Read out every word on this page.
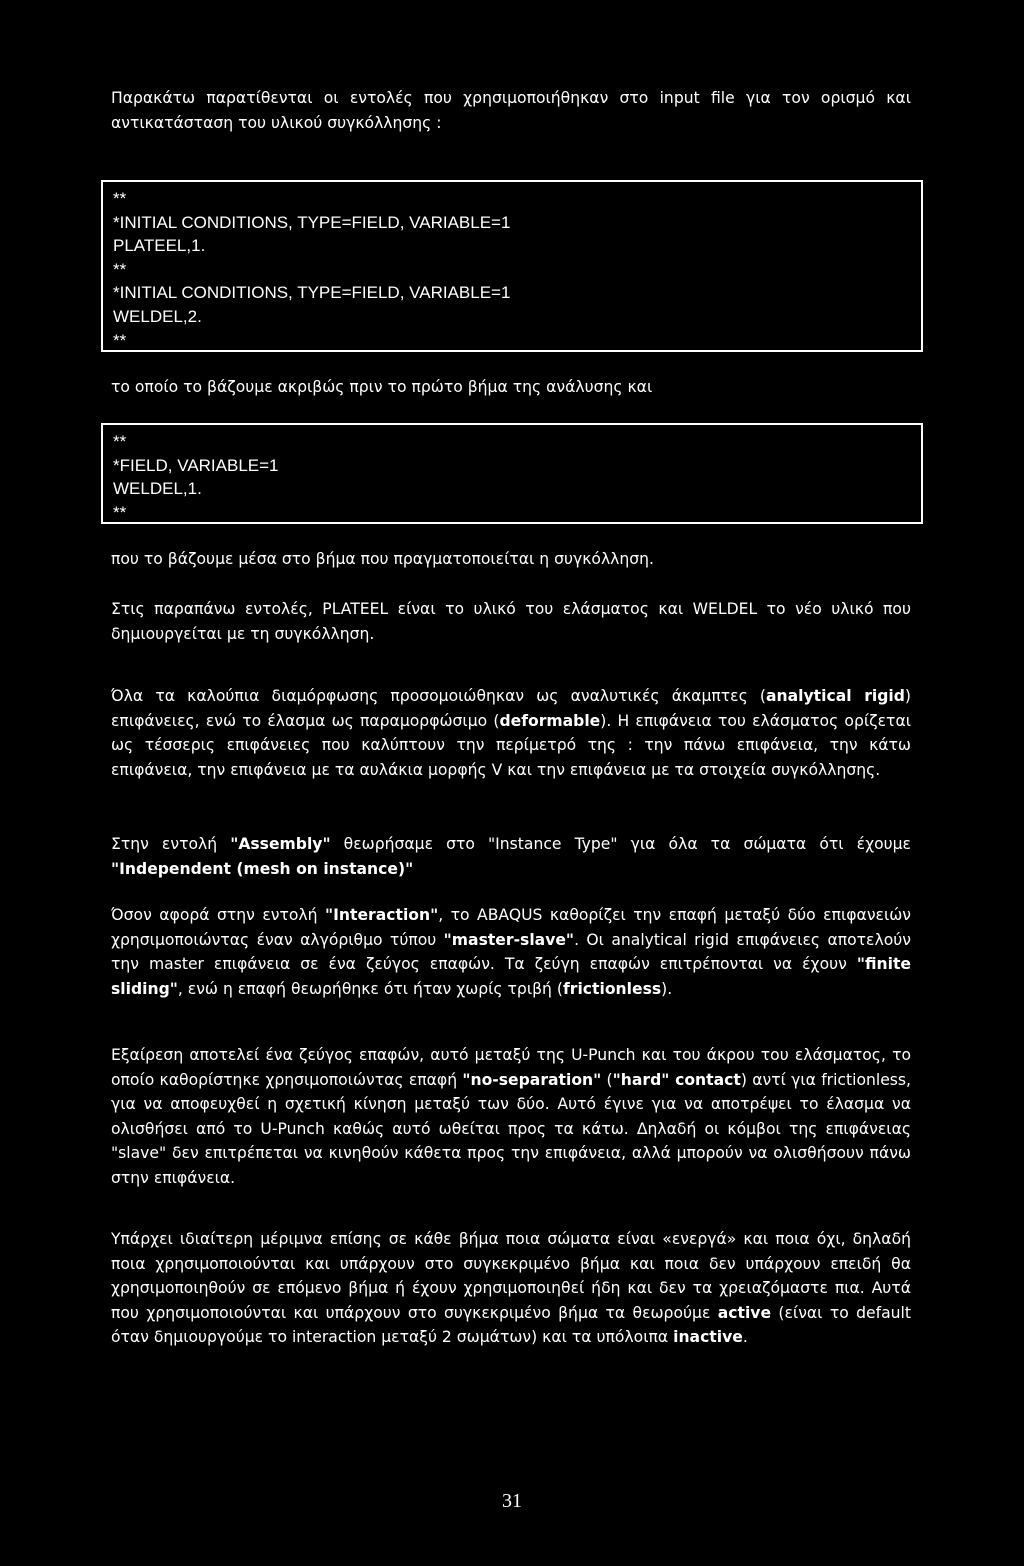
Παρακάτω παρατίθενται οι εντολές που χρησιμοποιήθηκαν στο input file για τον ορισμό και αντικατάσταση του υλικού συγκόλλησης :

**
*INITIAL CONDITIONS, TYPE=FIELD, VARIABLE=1
PLATEEL,1.
**
*INITIAL CONDITIONS, TYPE=FIELD, VARIABLE=1
WELDEL,2.
**

το οποίο το βάζουμε ακριβώς πριν το πρώτο βήμα της ανάλυσης και

**
*FIELD, VARIABLE=1
WELDEL,1.
**

που το βάζουμε μέσα στο βήμα που πραγματοποιείται η συγκόλληση.

Στις παραπάνω εντολές, PLATEEL είναι το υλικό του ελάσματος και WELDEL το νέο υλικό που δημιουργείται με τη συγκόλληση.

Όλα τα καλούπια διαμόρφωσης προσομοιώθηκαν ως αναλυτικές άκαμπτες (analytical rigid) επιφάνειες, ενώ το έλασμα ως παραμορφώσιμο (deformable). Η επιφάνεια του ελάσματος ορίζεται ως τέσσερις επιφάνειες που καλύπτουν την περίμετρό της : την πάνω επιφάνεια, την κάτω επιφάνεια, την επιφάνεια με τα αυλάκια μορφής V και την επιφάνεια με τα στοιχεία συγκόλλησης.

Στην εντολή "Assembly" θεωρήσαμε στο "Instance Type" για όλα τα σώματα ότι έχουμε "Independent (mesh on instance)"

Όσον αφορά στην εντολή "Interaction", το ABAQUS καθορίζει την επαφή μεταξύ δύο επιφανειών χρησιμοποιώντας έναν αλγόριθμο τύπου "master-slave". Οι analytical rigid επιφάνειες αποτελούν την master επιφάνεια σε ένα ζεύγος επαφών. Τα ζεύγη επαφών επιτρέπονται να έχουν "finite sliding", ενώ η επαφή θεωρήθηκε ότι ήταν χωρίς τριβή (frictionless).

Εξαίρεση αποτελεί ένα ζεύγος επαφών, αυτό μεταξύ της U-Punch και του άκρου του ελάσματος, το οποίο καθορίστηκε χρησιμοποιώντας επαφή "no-separation" ("hard" contact) αντί για frictionless, για να αποφευχθεί η σχετική κίνηση μεταξύ των δύο. Αυτό έγινε για να αποτρέψει το έλασμα να ολισθήσει από το U-Punch καθώς αυτό ωθείται προς τα κάτω. Δηλαδή οι κόμβοι της επιφάνειας "slave" δεν επιτρέπεται να κινηθούν κάθετα προς την επιφάνεια, αλλά μπορούν να ολισθήσουν πάνω στην επιφάνεια.

Υπάρχει ιδιαίτερη μέριμνα επίσης σε κάθε βήμα ποια σώματα είναι «ενεργά» και ποια όχι, δηλαδή ποια χρησιμοποιούνται και υπάρχουν στο συγκεκριμένο βήμα και ποια δεν υπάρχουν επειδή θα χρησιμοποιηθούν σε επόμενο βήμα ή έχουν χρησιμοποιηθεί ήδη και δεν τα χρειαζόμαστε πια. Αυτά που χρησιμοποιούνται και υπάρχουν στο συγκεκριμένο βήμα τα θεωρούμε active (είναι το default όταν δημιουργούμε το interaction μεταξύ 2 σωμάτων) και τα υπόλοιπα inactive.

31
